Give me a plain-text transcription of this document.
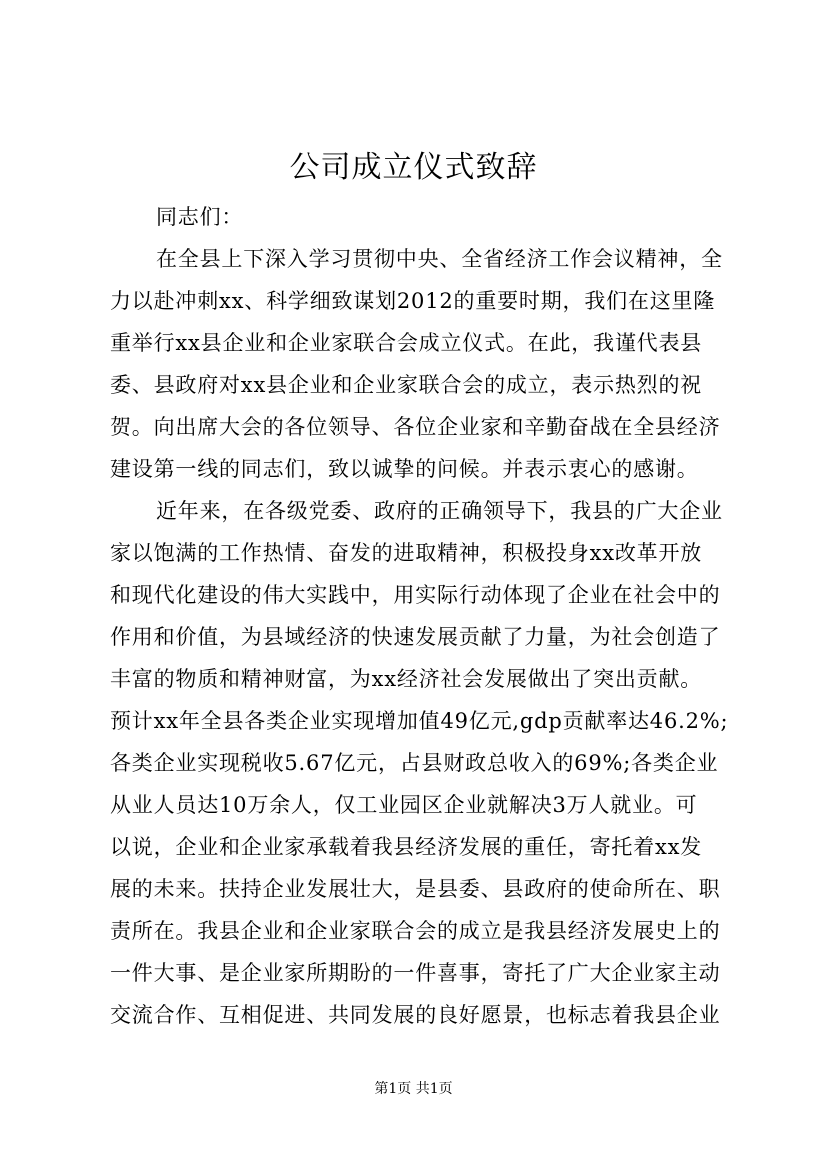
公司成立仪式致辞
同志们：
在全县上下深入学习贯彻中央、全省经济工作会议精神，全
力以赴冲刺xx、科学细致谋划2012的重要时期，我们在这里隆
重举行xx县企业和企业家联合会成立仪式。在此，我谨代表县
委、县政府对xx县企业和企业家联合会的成立，表示热烈的祝
贺。向出席大会的各位领导、各位企业家和辛勤奋战在全县经济
建设第一线的同志们，致以诚挚的问候。并表示衷心的感谢。
近年来，在各级党委、政府的正确领导下，我县的广大企业
家以饱满的工作热情、奋发的进取精神，积极投身xx改革开放
和现代化建设的伟大实践中，用实际行动体现了企业在社会中的
作用和价值，为县域经济的快速发展贡献了力量，为社会创造了
丰富的物质和精神财富，为xx经济社会发展做出了突出贡献。
预计xx年全县各类企业实现增加值49亿元,gdp贡献率达46.2%;
各类企业实现税收5.67亿元，占县财政总收入的69%;各类企业
从业人员达10万余人，仅工业园区企业就解决3万人就业。可
以说，企业和企业家承载着我县经济发展的重任，寄托着xx发
展的未来。扶持企业发展壮大，是县委、县政府的使命所在、职
责所在。我县企业和企业家联合会的成立是我县经济发展史上的
一件大事、是企业家所期盼的一件喜事，寄托了广大企业家主动
交流合作、互相促进、共同发展的良好愿景，也标志着我县企业
第1页 共1页
